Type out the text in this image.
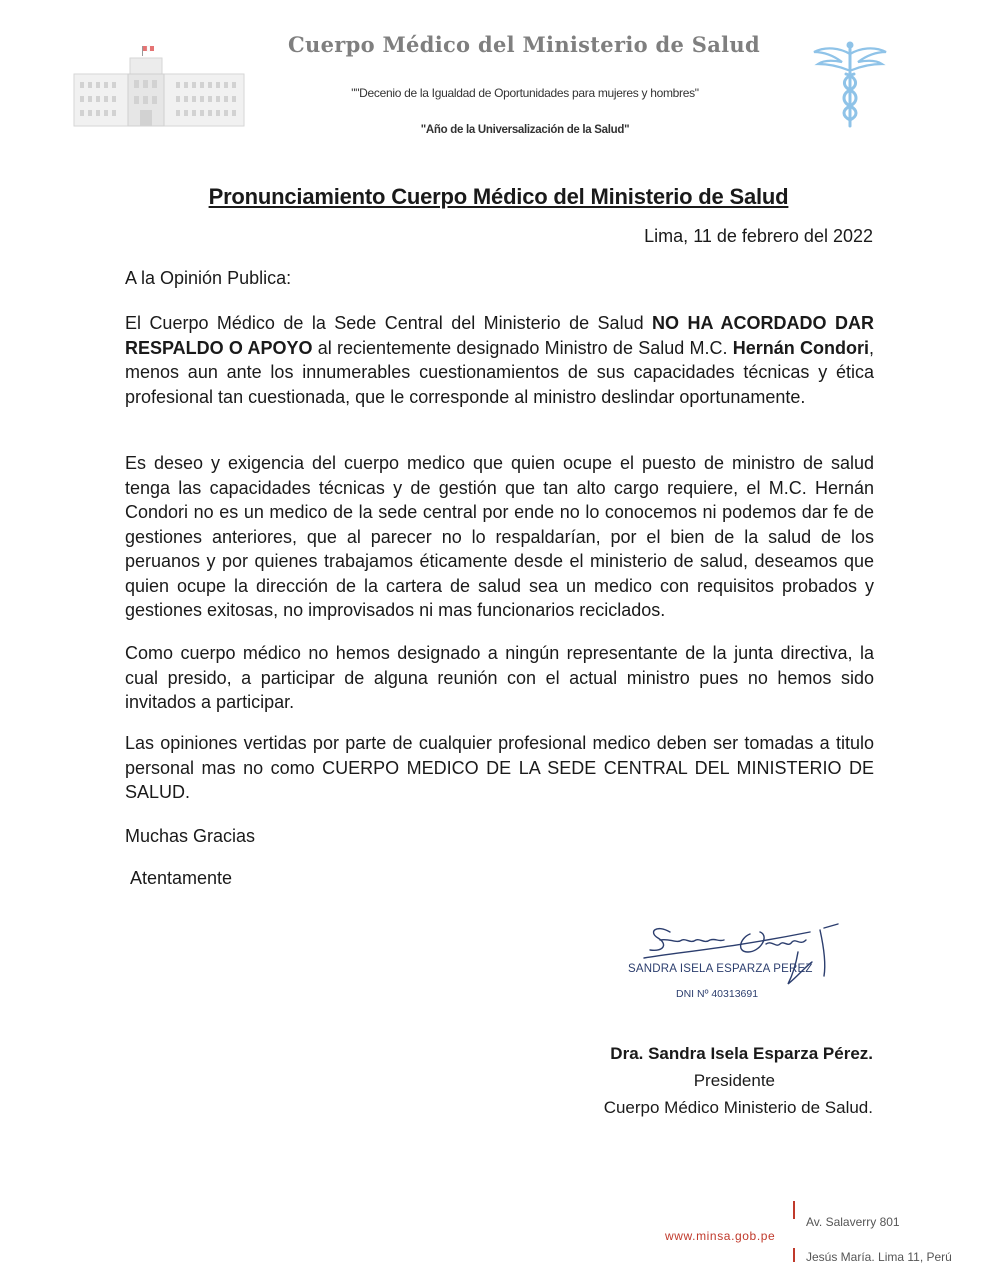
Cuerpo Médico del Ministerio de Salud
""Decenio de la Igualdad de Oportunidades para mujeres y hombres"
"Año de la Universalización de la Salud"
Pronunciamiento Cuerpo Médico del Ministerio de Salud
Lima, 11 de febrero del 2022
A la Opinión Publica:
El Cuerpo Médico de la Sede Central del Ministerio de Salud NO HA ACORDADO DAR RESPALDO O APOYO al recientemente designado Ministro de Salud M.C. Hernán Condori, menos aun ante los innumerables cuestionamientos de sus capacidades técnicas y ética profesional tan cuestionada, que le corresponde al ministro deslindar oportunamente.
Es deseo y exigencia del cuerpo medico que quien ocupe el puesto de ministro de salud tenga las capacidades técnicas y de gestión que tan alto cargo requiere, el M.C. Hernán Condori no es un medico de la sede central por ende no lo conocemos ni podemos dar fe de gestiones anteriores, que al parecer no lo respaldarían, por el bien de la salud de los peruanos y por quienes trabajamos éticamente desde el ministerio de salud, deseamos que quien ocupe la dirección de la cartera de salud sea un medico con requisitos probados y gestiones exitosas, no improvisados ni mas funcionarios reciclados.
Como cuerpo médico no hemos designado a ningún representante de la junta directiva, la cual presido, a participar de alguna reunión con el actual ministro pues no hemos sido invitados a participar.
Las opiniones vertidas por parte de cualquier profesional medico deben ser tomadas a titulo personal mas no como CUERPO MEDICO DE LA SEDE CENTRAL DEL MINISTERIO DE SALUD.
Muchas Gracias
Atentamente
SANDRA ISELA ESPARZA PEREZ
DNI Nº 40313691
Dra. Sandra Isela Esparza Pérez.
Presidente
Cuerpo Médico Ministerio de Salud.
www.minsa.gob.pe
Av. Salaverry 801
Jesús María. Lima 11, Perú
